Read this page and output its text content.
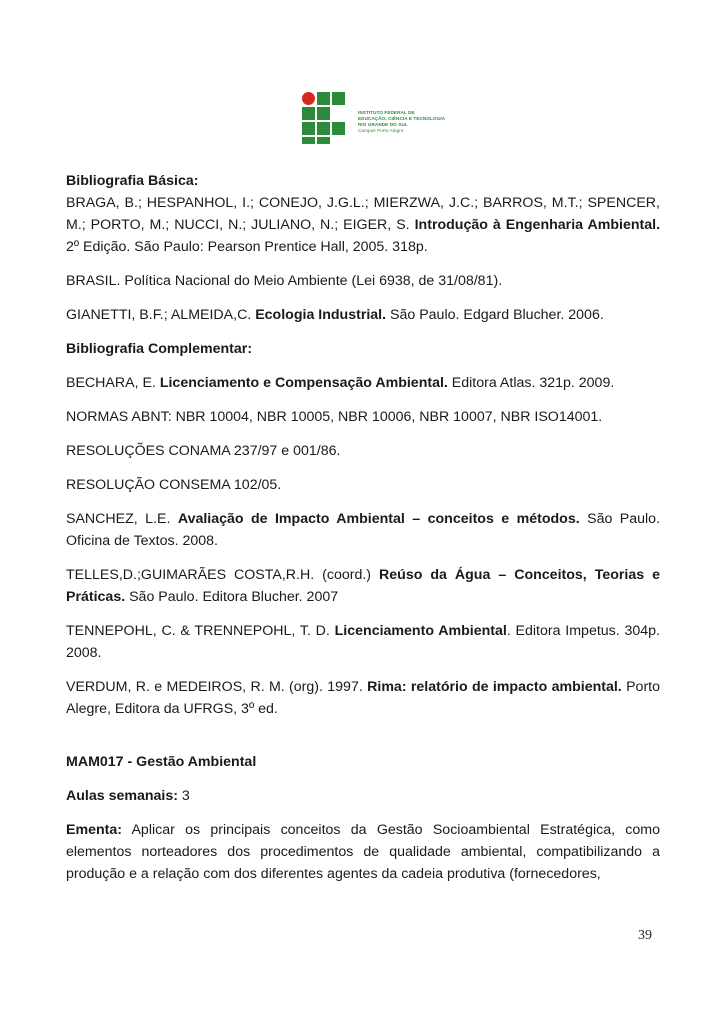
INSTITUTO FEDERAL DE
EDUCAÇÃO, CIÊNCIA E TECNOLOGIA
RIO GRANDE DO SUL
Campus Porto Alegre

Bibliografia Básica:

BRAGA, B.; HESPANHOL, I.; CONEJO, J.G.L.; MIERZWA, J.C.; BARROS, M.T.; SPENCER, M.; PORTO, M.; NUCCI, N.; JULIANO, N.; EIGER, S. Introdução à Engenharia Ambiental. 2º Edição. São Paulo: Pearson Prentice Hall, 2005. 318p.

BRASIL. Política Nacional do Meio Ambiente (Lei 6938, de 31/08/81).

GIANETTI, B.F.; ALMEIDA,C. Ecologia Industrial. São Paulo. Edgard Blucher. 2006.

Bibliografia Complementar:

BECHARA, E. Licenciamento e Compensação Ambiental. Editora Atlas. 321p. 2009.

NORMAS ABNT: NBR 10004, NBR 10005, NBR 10006, NBR 10007, NBR ISO14001.

RESOLUÇÕES CONAMA 237/97 e 001/86.

RESOLUÇÃO CONSEMA 102/05.

SANCHEZ, L.E. Avaliação de Impacto Ambiental – conceitos e métodos. São Paulo. Oficina de Textos. 2008.

TELLES,D.;GUIMARÃES COSTA,R.H. (coord.) Reúso da Água – Conceitos, Teorias e Práticas. São Paulo. Editora Blucher. 2007

TENNEPOHL, C. & TRENNEPOHL, T. D. Licenciamento Ambiental. Editora Impetus. 304p. 2008.

VERDUM, R. e MEDEIROS, R. M. (org). 1997. Rima: relatório de impacto ambiental. Porto Alegre, Editora da UFRGS, 3º ed.

MAM017 - Gestão Ambiental

Aulas semanais: 3

Ementa: Aplicar os principais conceitos da Gestão Socioambiental Estratégica, como elementos norteadores dos procedimentos de qualidade ambiental, compatibilizando a produção e a relação com dos diferentes agentes da cadeia produtiva (fornecedores,

39
